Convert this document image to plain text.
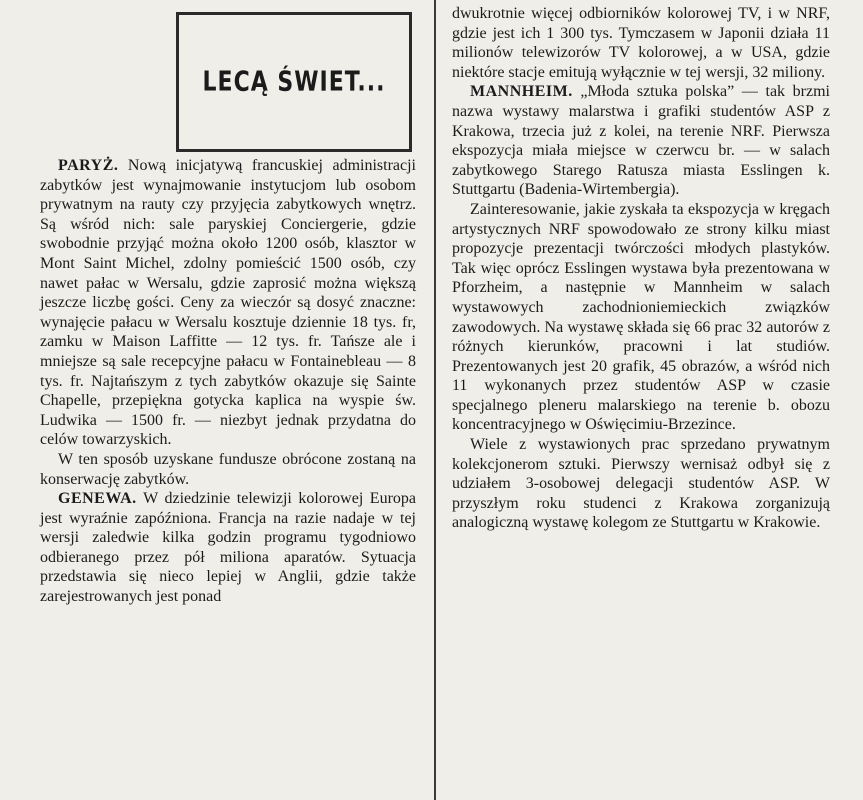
LECĄ ŚWIET...

PARYŻ. Nową inicjatywą francuskiej administracji zabytków jest wynajmowanie instytucjom lub osobom prywatnym na rauty czy przyjęcia zabytkowych wnętrz. Są wśród nich: sale paryskiej Conciergerie, gdzie swobodnie przyjąć można około 1200 osób, klasztor w Mont Saint Michel, zdolny pomieścić 1500 osób, czy nawet pałac w Wersalu, gdzie zaprosić można większą jeszcze liczbę gości. Ceny za wieczór są dosyć znaczne: wynajęcie pałacu w Wersalu kosztuje dziennie 18 tys. fr, zamku w Maison Laffitte — 12 tys. fr. Tańsze ale i mniejsze są sale recepcyjne pałacu w Fontainebleau — 8 tys. fr. Najtańszym z tych zabytków okazuje się Sainte Chapelle, przepiękna gotycka kaplica na wyspie św. Ludwika — 1500 fr. — niezbyt jednak przydatna do celów towarzyskich.

W ten sposób uzyskane fundusze obrócone zostaną na konserwację zabytków.

GENEWA. W dziedzinie telewizji kolorowej Europa jest wyraźnie zapóźniona. Francja na razie nadaje w tej wersji zaledwie kilka godzin programu tygodniowo odbieranego przez pół miliona aparatów. Sytuacja przedstawia się nieco lepiej w Anglii, gdzie także zarejestrowanych jest ponad

dwukrotnie więcej odbiorników kolorowej TV, i w NRF, gdzie jest ich 1 300 tys. Tymczasem w Japonii działa 11 milionów telewizorów TV kolorowej, a w USA, gdzie niektóre stacje emitują wyłącznie w tej wersji, 32 miliony.

MANNHEIM. „Młoda sztuka polska” — tak brzmi nazwa wystawy malarstwa i grafiki studentów ASP z Krakowa, trzecia już z kolei, na terenie NRF. Pierwsza ekspozycja miała miejsce w czerwcu br. — w salach zabytkowego Starego Ratusza miasta Esslingen k. Stuttgartu (Badenia-Wirtembergia).

Zainteresowanie, jakie zyskała ta ekspozycja w kręgach artystycznych NRF spowodowało ze strony kilku miast propozycje prezentacji twórczości młodych plastyków. Tak więc oprócz Esslingen wystawa była prezentowana w Pforzheim, a następnie w Mannheim w salach wystawowych zachodnioniemieckich związków zawodowych. Na wystawę składa się 66 prac 32 autorów z różnych kierunków, pracowni i lat studiów. Prezentowanych jest 20 grafik, 45 obrazów, a wśród nich 11 wykonanych przez studentów ASP w czasie specjalnego pleneru malarskiego na terenie b. obozu koncentracyjnego w Oświęcimiu-Brzezince.

Wiele z wystawionych prac sprzedano prywatnym kolekcjonerom sztuki. Pierwszy wernisaż odbył się z udziałem 3-osobowej delegacji studentów ASP. W przyszłym roku studenci z Krakowa zorganizują analogiczną wystawę kolegom ze Stuttgartu w Krakowie.
